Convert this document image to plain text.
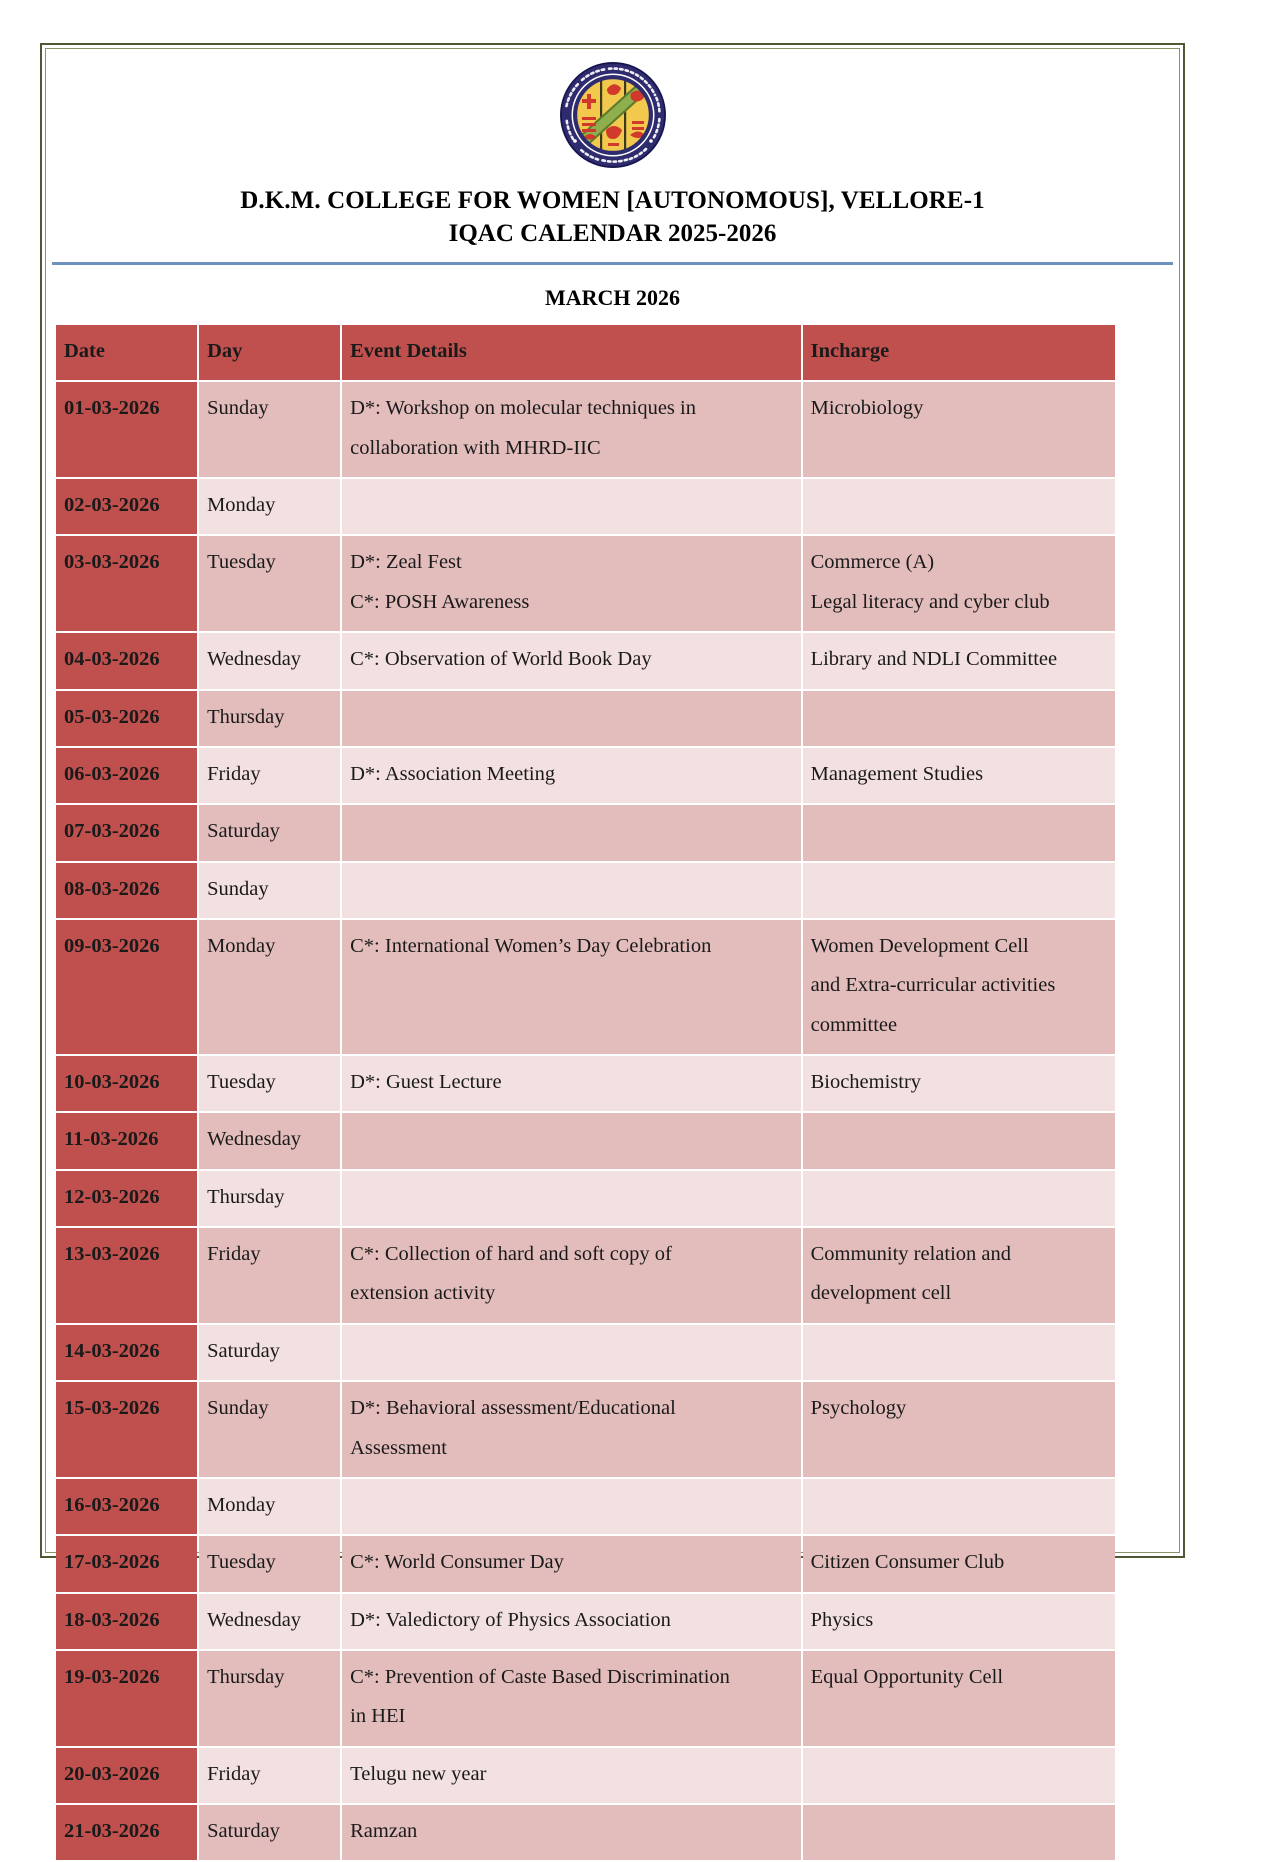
D.K.M. COLLEGE FOR WOMEN [AUTONOMOUS], VELLORE-1
IQAC CALENDAR 2025-2026
MARCH 2026
Date	Day	Event Details	Incharge
01-03-2026	Sunday	D*: Workshop on molecular techniques in
collaboration with MHRD-IIC	Microbiology

02-03-2026	Monday		
03-03-2026	Tuesday	D*: Zeal Fest
C*: POSH Awareness	Commerce (A)
Legal literacy and cyber club

04-03-2026	Wednesday	C*: Observation of World Book Day	Library and NDLI Committee

05-03-2026	Thursday		
06-03-2026	Friday	D*: Association Meeting	Management Studies

07-03-2026	Saturday		
08-03-2026	Sunday		
09-03-2026	Monday	C*: International Women’s Day Celebration	Women Development Cell
and Extra-curricular activities
committee

10-03-2026	Tuesday	D*: Guest Lecture	Biochemistry

11-03-2026	Wednesday		
12-03-2026	Thursday		
13-03-2026	Friday	C*: Collection of hard and soft copy of
extension activity	Community relation and
development cell

14-03-2026	Saturday		
15-03-2026	Sunday	D*: Behavioral assessment/Educational
Assessment	Psychology

16-03-2026	Monday		
17-03-2026	Tuesday	C*: World Consumer Day	Citizen Consumer Club

18-03-2026	Wednesday	D*: Valedictory of Physics Association	Physics

19-03-2026	Thursday	C*: Prevention of Caste Based Discrimination
in HEI	Equal Opportunity Cell

20-03-2026	Friday	Telugu new year	

21-03-2026	Saturday	Ramzan	
